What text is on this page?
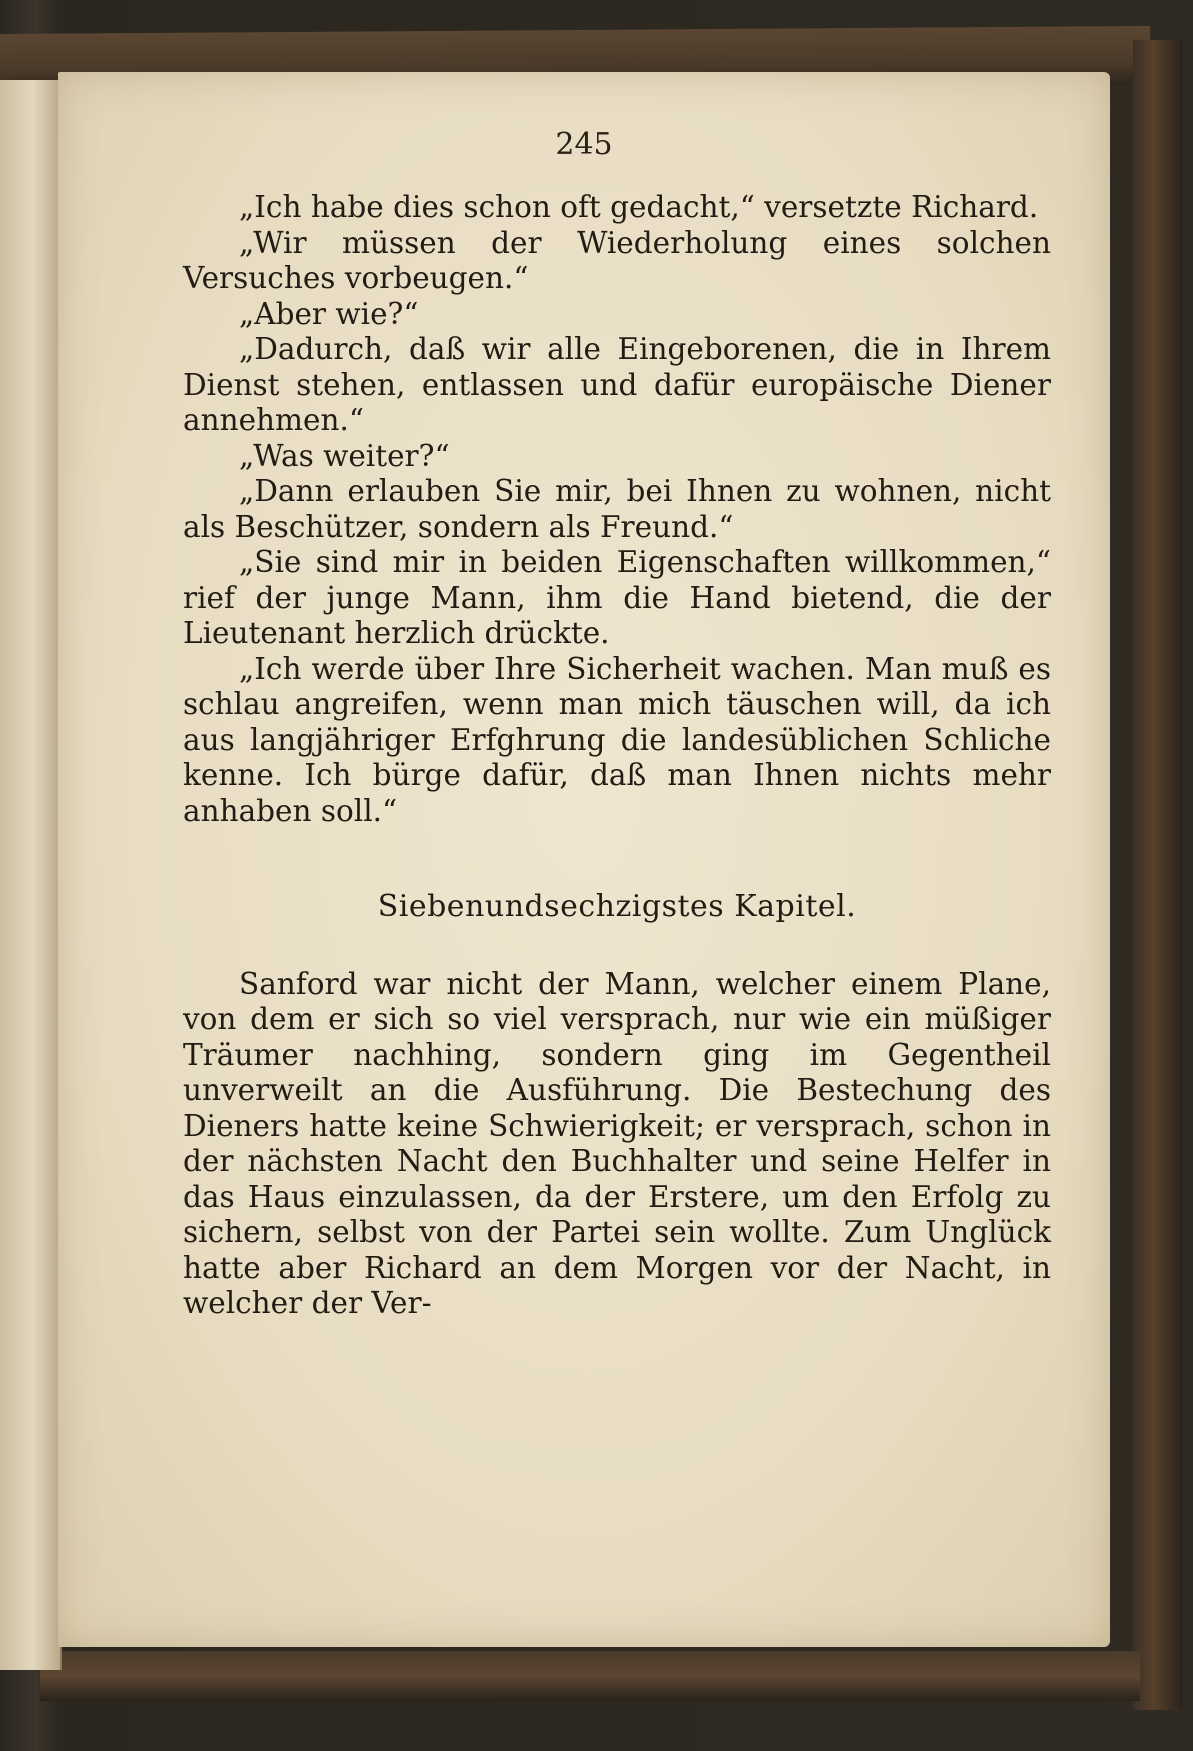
245

„Ich habe dies schon oft gedacht,“ versetzte Richard.

„Wir müssen der Wiederholung eines solchen Versuches vorbeugen.“

„Aber wie?“

„Dadurch, daß wir alle Eingeborenen, die in Ihrem Dienst stehen, entlassen und dafür europäische Diener annehmen.“

„Was weiter?“

„Dann erlauben Sie mir, bei Ihnen zu wohnen, nicht als Beschützer, sondern als Freund.“

„Sie sind mir in beiden Eigenschaften willkommen,“ rief der junge Mann, ihm die Hand bietend, die der Lieutenant herzlich drückte.

„Ich werde über Ihre Sicherheit wachen. Man muß es schlau angreifen, wenn man mich täuschen will, da ich aus langjähriger Erfghrung die landesüblichen Schliche kenne. Ich bürge dafür, daß man Ihnen nichts mehr anhaben soll.“

Siebenundsechzigstes Kapitel.

Sanford war nicht der Mann, welcher einem Plane, von dem er sich so viel versprach, nur wie ein müßiger Träumer nachhing, sondern ging im Gegentheil unverweilt an die Ausführung. Die Bestechung des Dieners hatte keine Schwierigkeit; er versprach, schon in der nächsten Nacht den Buchhalter und seine Helfer in das Haus einzulassen, da der Erstere, um den Erfolg zu sichern, selbst von der Partei sein wollte. Zum Unglück hatte aber Richard an dem Morgen vor der Nacht, in welcher der Ver-
